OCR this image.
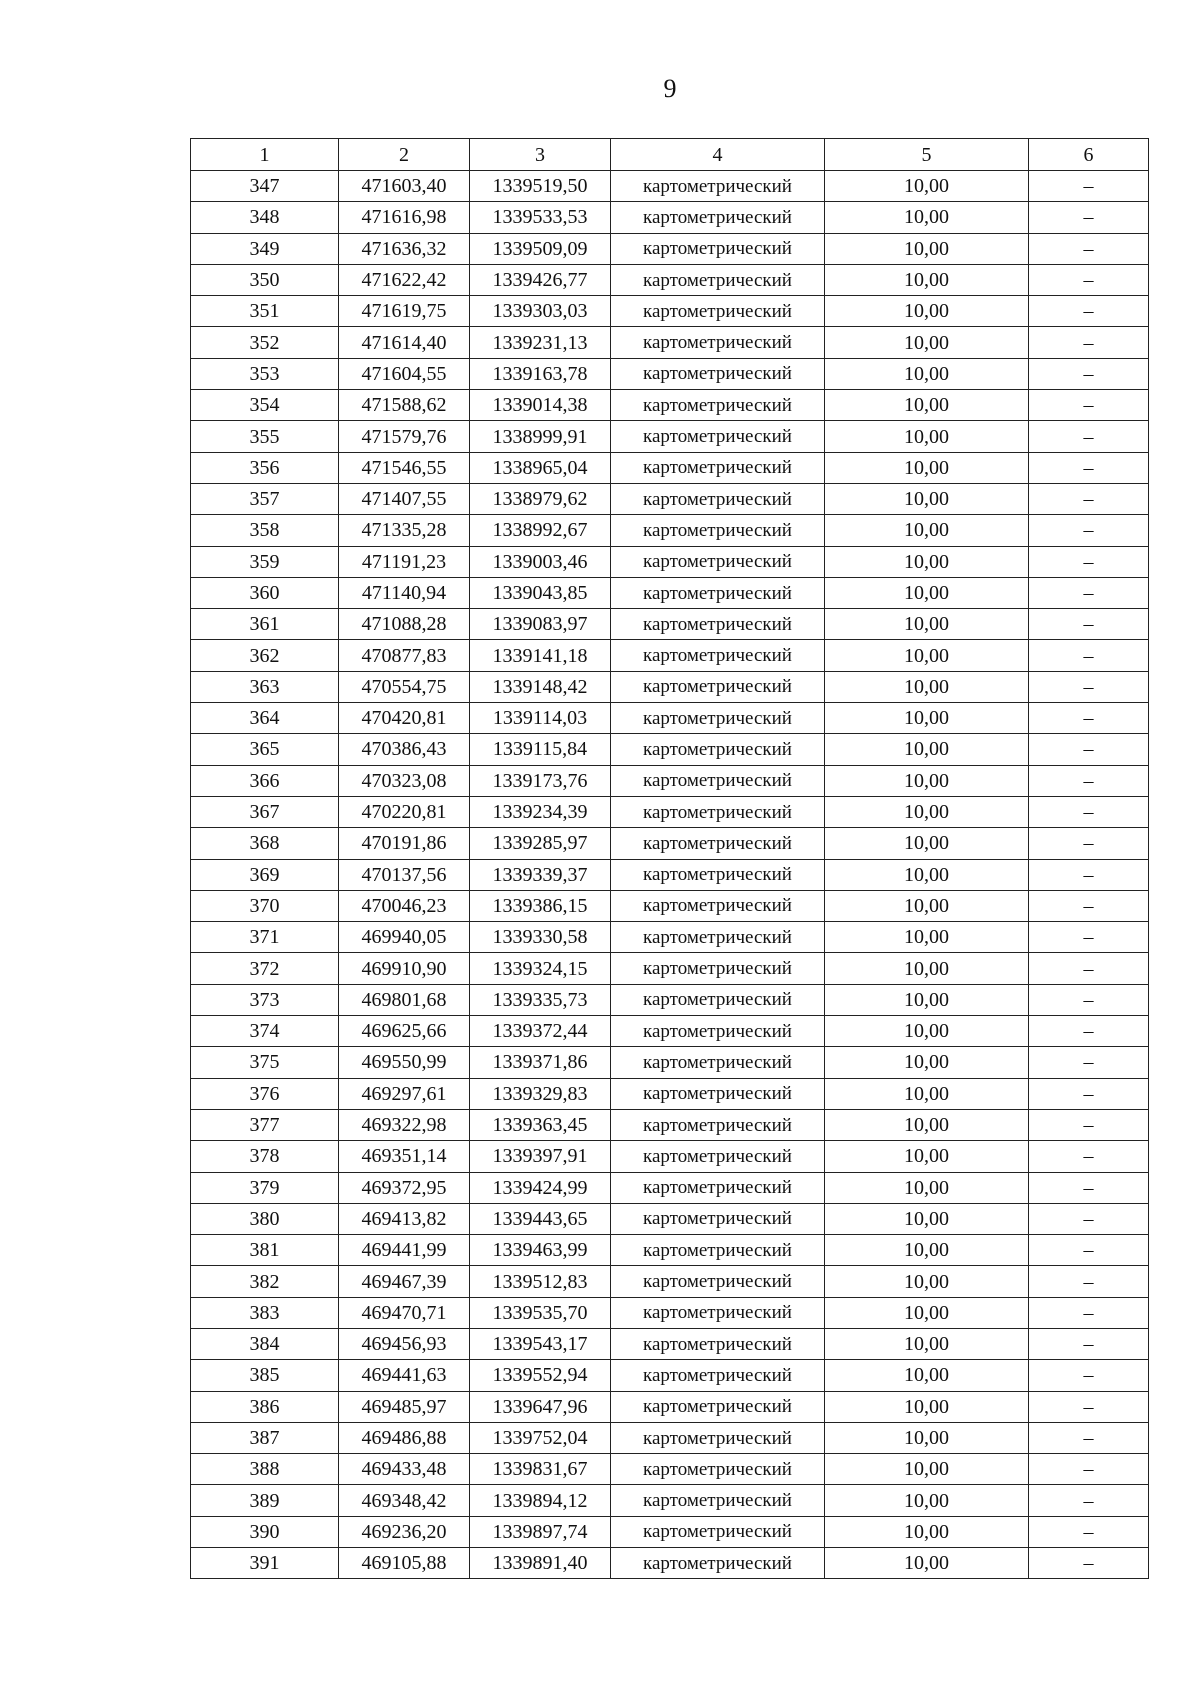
9
1	2	3	4	5	6
347	471603,40	1339519,50	картометрический	10,00	–
348	471616,98	1339533,53	картометрический	10,00	–
349	471636,32	1339509,09	картометрический	10,00	–
350	471622,42	1339426,77	картометрический	10,00	–
351	471619,75	1339303,03	картометрический	10,00	–
352	471614,40	1339231,13	картометрический	10,00	–
353	471604,55	1339163,78	картометрический	10,00	–
354	471588,62	1339014,38	картометрический	10,00	–
355	471579,76	1338999,91	картометрический	10,00	–
356	471546,55	1338965,04	картометрический	10,00	–
357	471407,55	1338979,62	картометрический	10,00	–
358	471335,28	1338992,67	картометрический	10,00	–
359	471191,23	1339003,46	картометрический	10,00	–
360	471140,94	1339043,85	картометрический	10,00	–
361	471088,28	1339083,97	картометрический	10,00	–
362	470877,83	1339141,18	картометрический	10,00	–
363	470554,75	1339148,42	картометрический	10,00	–
364	470420,81	1339114,03	картометрический	10,00	–
365	470386,43	1339115,84	картометрический	10,00	–
366	470323,08	1339173,76	картометрический	10,00	–
367	470220,81	1339234,39	картометрический	10,00	–
368	470191,86	1339285,97	картометрический	10,00	–
369	470137,56	1339339,37	картометрический	10,00	–
370	470046,23	1339386,15	картометрический	10,00	–
371	469940,05	1339330,58	картометрический	10,00	–
372	469910,90	1339324,15	картометрический	10,00	–
373	469801,68	1339335,73	картометрический	10,00	–
374	469625,66	1339372,44	картометрический	10,00	–
375	469550,99	1339371,86	картометрический	10,00	–
376	469297,61	1339329,83	картометрический	10,00	–
377	469322,98	1339363,45	картометрический	10,00	–
378	469351,14	1339397,91	картометрический	10,00	–
379	469372,95	1339424,99	картометрический	10,00	–
380	469413,82	1339443,65	картометрический	10,00	–
381	469441,99	1339463,99	картометрический	10,00	–
382	469467,39	1339512,83	картометрический	10,00	–
383	469470,71	1339535,70	картометрический	10,00	–
384	469456,93	1339543,17	картометрический	10,00	–
385	469441,63	1339552,94	картометрический	10,00	–
386	469485,97	1339647,96	картометрический	10,00	–
387	469486,88	1339752,04	картометрический	10,00	–
388	469433,48	1339831,67	картометрический	10,00	–
389	469348,42	1339894,12	картометрический	10,00	–
390	469236,20	1339897,74	картометрический	10,00	–
391	469105,88	1339891,40	картометрический	10,00	–
